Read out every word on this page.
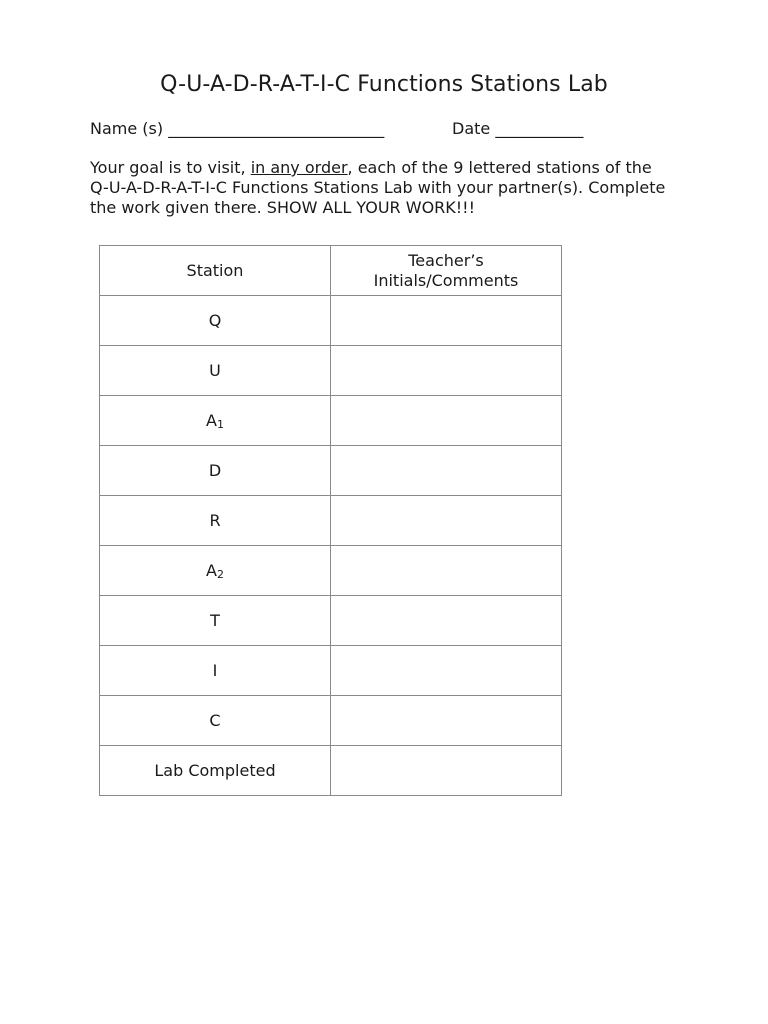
Q-U-A-D-R-A-T-I-C Functions Stations Lab
Name (s) ___________________________	Date ___________
Your goal is to visit, in any order, each of the 9 lettered stations of the
Q-U-A-D-R-A-T-I-C Functions Stations Lab with your partner(s). Complete
the work given there. SHOW ALL YOUR WORK!!!
Station	Teacher’s
Initials/Comments
Q	
U	
A1	
D	
R	
A2	
T	
I	
C	
Lab Completed	
